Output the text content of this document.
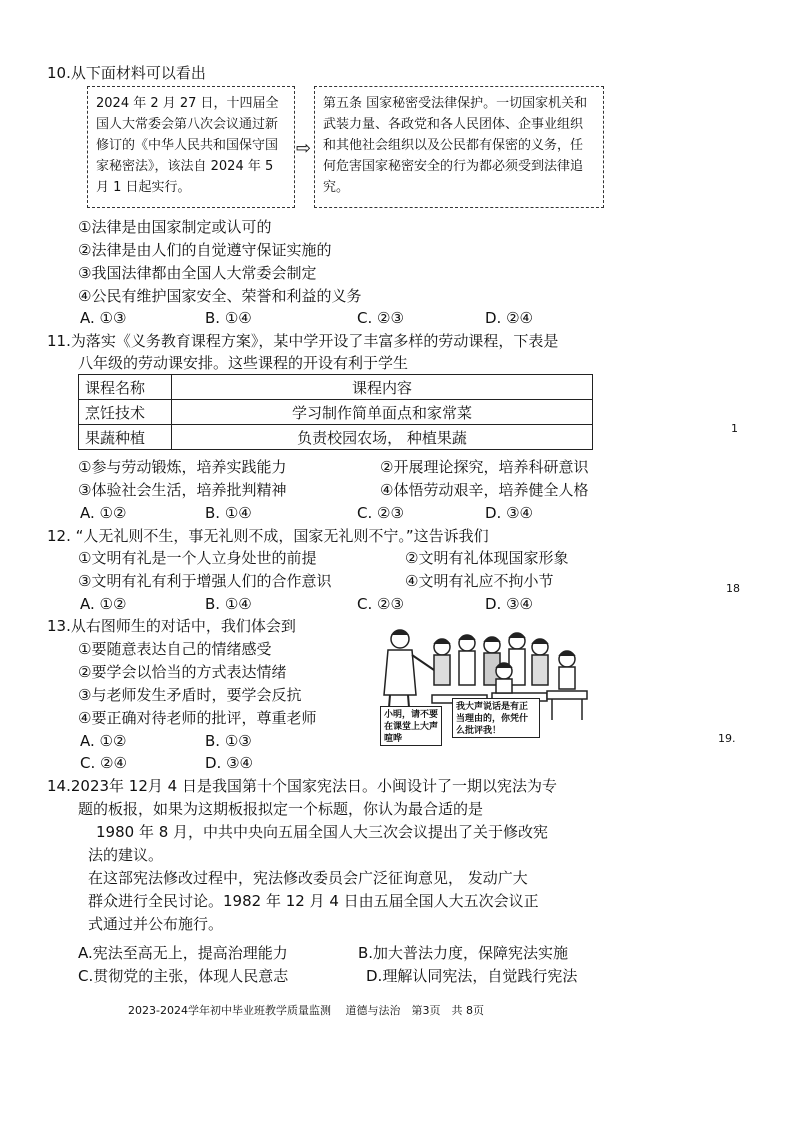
10.从下面材料可以看出
2024 年 2 月 27 日，十四届全国人大常委会第八次会议通过新修订的《中华人民共和国保守国家秘密法》，该法自 2024 年 5 月 1 日起实行。
⇨
第五条 国家秘密受法律保护。一切国家机关和武装力量、各政党和各人民团体、企事业组织和其他社会组织以及公民都有保密的义务，任何危害国家秘密安全的行为都必须受到法律追究。
①法律是由国家制定或认可的
②法律是由人们的自觉遵守保证实施的
③我国法律都由全国人大常委会制定
④公民有维护国家安全、荣誉和利益的义务
A. ①③	B. ①④	C. ②③	D. ②④
11.为落实《义务教育课程方案》，某中学开设了丰富多样的劳动课程，下表是
八年级的劳动课安排。这些课程的开设有利于学生
课程名称	课程内容
烹饪技术	学习制作简单面点和家常菜
果蔬种植	负责校园农场， 种植果蔬
①参与劳动锻炼，培养实践能力	②开展理论探究，培养科研意识
③体验社会生活，培养批判精神	④体悟劳动艰辛，培养健全人格
A. ①②	B. ①④	C. ②③	D. ③④
12. “人无礼则不生，事无礼则不成，国家无礼则不宁。”这告诉我们
①文明有礼是一个人立身处世的前提	②文明有礼体现国家形象
③文明有礼有利于增强人们的合作意识	④文明有礼应不拘小节
A. ①②	B. ①④	C. ②③	D. ③④
13.从右图师生的对话中，我们体会到
①要随意表达自己的情绪感受
②要学会以恰当的方式表达情绪
③与老师发生矛盾时，要学会反抗
④要正确对待老师的批评，尊重老师
A. ①②	B. ①③
C. ②④	D. ③④
小明，请不要在课堂上大声喧哗
我大声说话是有正当理由的，你凭什么批评我！
14.2023年 12月 4 日是我国第十个国家宪法日。小闽设计了一期以宪法为专
题的板报，如果为这期板报拟定一个标题，你认为最合适的是
1980 年 8 月，中共中央向五届全国人大三次会议提出了关于修改宪
法的建议。
在这部宪法修改过程中，宪法修改委员会广泛征询意见， 发动广大
群众进行全民讨论。1982 年 12 月 4 日由五届全国人大五次会议正
式通过并公布施行。
A.宪法至高无上，提高治理能力	B.加大普法力度，保障宪法实施
C.贯彻党的主张，体现人民意志	D.理解认同宪法，自觉践行宪法
1
18
19.
2023-2024学年初中毕业班教学质量监测　 道德与法治　第3页　共 8页
